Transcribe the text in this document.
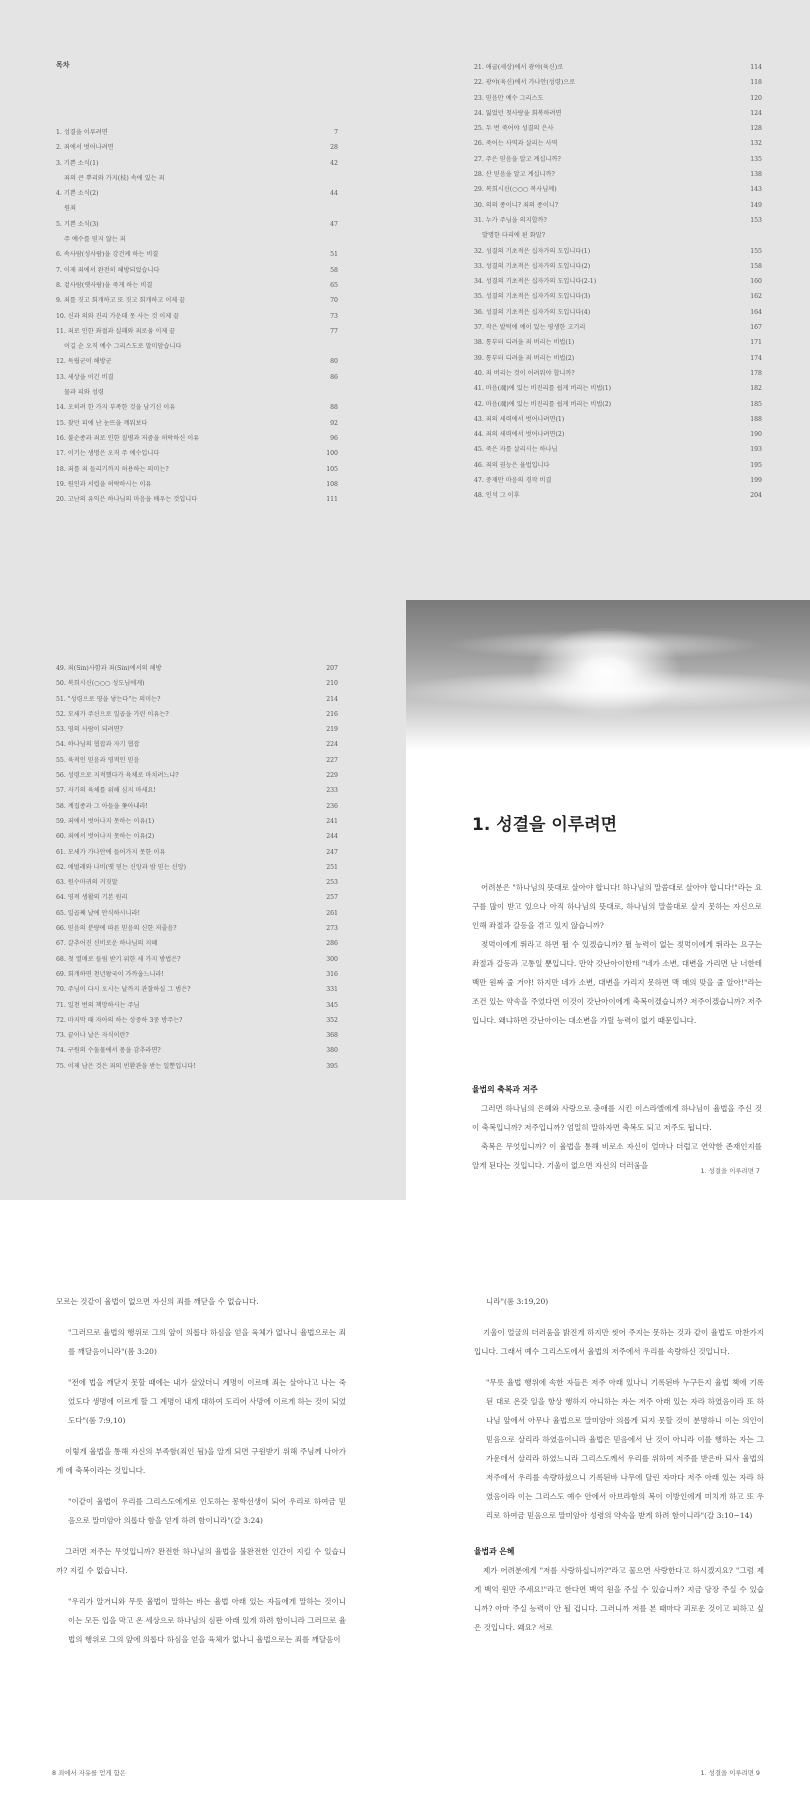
목차
1. 성결을 이루려면	7
2. 죄에서 벗어나려면	28
3. 기쁜 소식(1)	42
죄의 큰 뿌리와 가지(枝) 속에 있는 죄
4. 기쁜 소식(2)	44
원죄
5. 기쁜 소식(3)	47
주 예수를 믿지 않는 죄
6. 속사람(성사람)을 강건케 하는 비결	51
7. 이제 죄에서 완전히 해방되었습니다	58
8. 겉사람(옛사람)을 죽게 하는 비결	65
9. 죄를 짓고 회개하고 또 짓고 회개하고 이제 끝	70
10. 신과 의와 진리 가운데 못 사는 것 이제 끝	73
11. 죄로 인한 좌절과 실패와 죄로움 이제 끝	77
이길 순 오직 예수 그리스도로 말미암습니다
12. 독립군이 해방군	80
13. 세상을 이긴 비결	86
물과 피와 성령
14. 오히려 한 가지 부족한 것을 남기신 이유	88
15. 찾던 피에 난 눈뜨을 깨워보다	92
16. 불순종과 죄로 인한 질병과 저줌을 허락하신 이유	96
17. 이기는 생명은 오직 주 예수입니다	100
18. 죄를 죄 들리기까지 허용하는 의미는?	105
19. 원인과 서럽을 허락하시는 이유	108
20. 고난의 유익은 하나님의 마음을 배우는 것입니다	111
21. 애굽(세상)에서 광야(육신)로	114
22. 광야(육신)에서 가나안(성령)으로	118
23. 믿음만 예수 그리스도	120
24. 잃었던 첫사랑을 회복하려면	124
25. 두 번 죽어야 성결의 은사	128
26. 죽어는 사역과 살리는 사역	132
27. 주은 믿음을 알고 계십니까?	135
28. 산 믿음을 알고 계십니까?	138
29. 복희시신(○○○ 복사님께)	143
30. 의의 종이니? 죄의 종이니?	149
31. 누가 주님을 의지합까?	153
발명한 다리에 핀 화말?
32. 성결의 기초적은 십자가의 도입니다(1)	155
33. 성결의 기초적은 십자가의 도입니다(2)	158
34. 성결의 기초적은 십자가의 도입니다(2-1)	160
35. 성결의 기초적은 십자가의 도입니다(3)	162
36. 성결의 기초적은 십자가의 도입니다(4)	164
37. 작은 밭턱에 예이 있는 평생한 고기리	167
38. 통부터 디려을 죄 버리는 비법(1)	171
39. 통부터 디려을 죄 버리는 비법(2)	174
40. 죄 버리는 것이 어려워야 합니까?	178
41. 마음(魂)에 있는 비진리를 쉽게 버리는 비법(1)	182
42. 마음(魂)에 있는 비진리를 쉽게 버리는 비법(2)	185
43. 죄의 세력에서 벗어나려면(1)	188
44. 죄의 세력에서 벗어나려면(2)	190
45. 죽은 자를 살리시는 하나님	193
46. 죄의 권능은 율법입니다	195
47. 중재만 마음의 경작 비결	199
48. 인석 그 이후	204
49. 죄(Sin)사함과 죄(Sin)에서의 해방	207
50. 복희시신(○○○ 성도님에게)	210
51. "성령으로 영을 낳는다"는 의미는?	214
52. 모세가 주신으로 일곱을 가린 이유는?	216
53. 영의 사람이 되려면?	219
54. 하나님의 협잡과 자기 협잡	224
55. 육적인 믿음과 영적인 믿음	227
56. 성령으로 지적했다가 육체로 마치려느냐?	229
57. 자기의 육체를 위해 심지 마세요!	233
58. 계집종과 그 아들을 쫓아내라!	236
59. 죄에서 벗어나지 못하는 이유(1)	241
60. 죄에서 벗어나지 못하는 이유(2)	244
61. 모세가 가나안에 들어가지 못한 이유	247
62. 애벌레와 나비(옛 믿는 신앙과 밤 믿는 신앙)	251
63. 원수마귀의 거짓말	253
64. 영적 생활의 기본 원리	257
65. 일곱째 날에 안식하시니라!	261
66. 믿음의 분량에 따른 믿음의 신한 저줄음?	273
67. 갈추어진 신비로운 하나님의 지혜	286
68. 첫 열매로 들림 받기 위한 세 가지 방법은?	300
69. 회개하면 천년왕국이 가까웁느니라!	316
70. 주님이 다시 오시는 날까지 관찰하실 그 범은?	331
71. 일천 번의 책망하시는 주님	345
72. 마지막 때 자아의 하는 상중하 3중 방주는?	352
73. 끝이나 날은 자식이란?	368
74. 구원의 수둘물에서 몸을 감추라면?	380
75. 이제 남은 것은 죄의 빈환관을 받는 일뿐입니다!	395
1. 성결을 이루려면

어려분은 "하나님의 뜻대로 살아야 합니다! 하나님의 말씀대로 살아야 합니다!"라는 요구를 많이 받고 있으나 아직 하나님의 뜻대로, 하나님의 말씀대로 살지 못하는 자신으로 인해 좌절과 갈등을 겪고 있지 않습니까?

젖먹이에게 뛰라고 하면 뛸 수 있겠습니까? 뛸 능력이 없는 젖먹이에게 뛰라는 요구는 좌절과 갈등과 고통일 뿐입니다. 만약 갓난아이한테 "네가 소변, 대변을 가리면 난 너한테 백만 원짜 줄 거야! 하지만 네가 소변, 대변을 가리지 못하면 맥 매의 맞을 줄 알아!"라는 조건 있는 약속을 주었다면 이것이 갓난아이에게 축복이겠습니까? 저주이겠습니까? 저주입니다. 왜냐하면 갓난아이는 대소변을 가릴 능력이 없기 때문입니다.

율법의 축복과 저주

그러면 하나님의 은혜와 사랑으로 충애를 시킨 이스라엘에게 하나님이 율법을 주신 것이 축복입니까? 저주입니까? 엄밀히 말하자면 축복도 되고 저주도 됩니다.

축복은 무엇입니까? 이 율법을 통해 비로소 자신이 얼마나 더럽고 연약한 존재인지를 알게 된다는 것입니다. 기울이 없으면 자신의 더러움을

1. 성결을 이루려면 7

모르는 것같이 율법이 없으면 자신의 죄를 깨닫을 수 없습니다.

"그러므로 율법의 행위로 그의 앞이 의롭다 하심을 얻을 육체가 없나니 율법으로는 죄를 깨달음이니라"(롬 3:20)

"전에 법을 깨닫지 못할 때에는 내가 살았더니 계명이 이르매 죄는 살아나고 나는 죽었도다 생명에 이르게 할 그 계명이 내게 대하여 도리어 사망에 이르게 하는 것이 되었도다"(롬 7:9,10)

이렇게 율법을 통해 자신의 부족함(죄인 됨)을 알게 되면 구원받기 위해 주님께 나아가게 에 축복이라는 것입니다.

"이같이 율법이 우리를 그리스도에게로 인도하는 몽학선생이 되어 우리로 하여금 믿음으로 말미암아 의롭다 함을 얻게 하려 함이니라"(갈 3:24)

그러면 저주는 무엇입니까? 완전한 하나님의 율법을 불완전한 인간이 지킬 수 있습니까? 지킬 수 없습니다.

"우리가 알거니와 무릇 율법이 말하는 바는 율법 아래 있는 자들에게 말하는 것이니 이는 모든 입을 막고 온 세상으로 하나님의 심판 아래 있게 하려 함이니라 그러므로 율법의 행위로 그의 앞에 의롭다 하심을 얻을 육체가 없나니 율법으로는 죄를 깨달음이

8 죄에서 자유를 얻게 함은

니라"(롬 3:19,20)

기울이 얼굴의 더러움을 밝진게 하지만 씻어 주지는 못하는 것과 같이 율법도 마찬가지입니다. 그래서 예수 그리스도에서 율법의 저주에서 우리를 속량하신 것입니다.

"무릇 율법 행위에 속한 자들은 저주 아래 있나니 기록된바 누구든지 율법 책에 기록된 대로 온갖 일을 항상 행하지 아니하는 자는 저주 아래 있는 자라 하였음이라 또 하나님 앞에서 아무나 율법으로 말미암아 의롭게 되지 못할 것이 분명하니 이는 의인이 믿음으로 살리라 하였음이니라 율법은 믿음에서 난 것이 아니라 이를 행하는 자는 그 가운데서 살리라 하였느니라 그리스도께서 우리를 위하여 저주를 받은바 되사 율법의 저주에서 우리를 속량하셨으니 기록된바 나무에 달린 자마다 저주 아래 있는 자라 하였음이라 이는 그리스도 예수 안에서 아브라함의 복이 이방인에게 미치게 하고 또 우리로 하여금 믿음으로 말미암아 성령의 약속을 받게 하려 함이니라"(갈 3:10~14)

율법과 은혜

제가 어려분에게 "저를 사랑하십니까?"라고 물으면 사랑한다고 하시겠지요? "그럼 제게 백억 원만 주세요!"라고 한다면 백억 원을 주실 수 있습니까? 지금 당장 주실 수 있습니까? 아마 주실 능력이 안 될 겁니다. 그러니까 저를 본 때마다 괴로운 것이고 피하고 싶은 것입니다. 왜요? 서로

1. 성결을 이루려면 9
